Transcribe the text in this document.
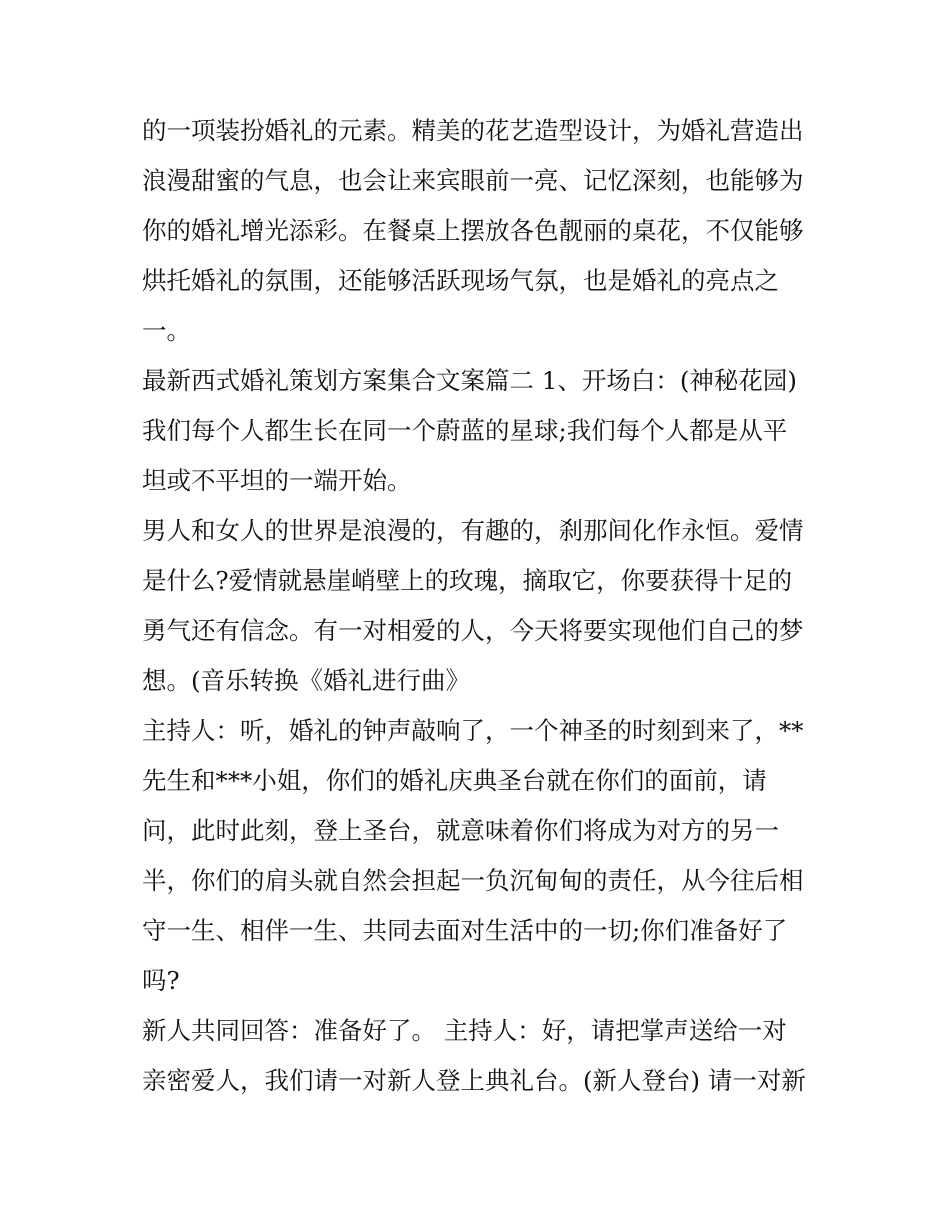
的一项装扮婚礼的元素。精美的花艺造型设计，为婚礼营造出
浪漫甜蜜的气息，也会让来宾眼前一亮、记忆深刻，也能够为
你的婚礼增光添彩。在餐桌上摆放各色靓丽的桌花，不仅能够
烘托婚礼的氛围，还能够活跃现场气氛，也是婚礼的亮点之
一。
最新西式婚礼策划方案集合文案篇二 1、开场白：(神秘花园)
我们每个人都生长在同一个蔚蓝的星球;我们每个人都是从平
坦或不平坦的一端开始。
男人和女人的世界是浪漫的，有趣的，刹那间化作永恒。爱情
是什么?爱情就悬崖峭壁上的玫瑰，摘取它，你要获得十足的
勇气还有信念。有一对相爱的人，今天将要实现他们自己的梦
想。(音乐转换《婚礼进行曲》
主持人：听，婚礼的钟声敲响了，一个神圣的时刻到来了，**
先生和***小姐，你们的婚礼庆典圣台就在你们的面前，请
问，此时此刻，登上圣台，就意味着你们将成为对方的另一
半，你们的肩头就自然会担起一负沉甸甸的责任，从今往后相
守一生、相伴一生、共同去面对生活中的一切;你们准备好了
吗?
新人共同回答：准备好了。 主持人：好，请把掌声送给一对
亲密爱人，我们请一对新人登上典礼台。(新人登台) 请一对新
